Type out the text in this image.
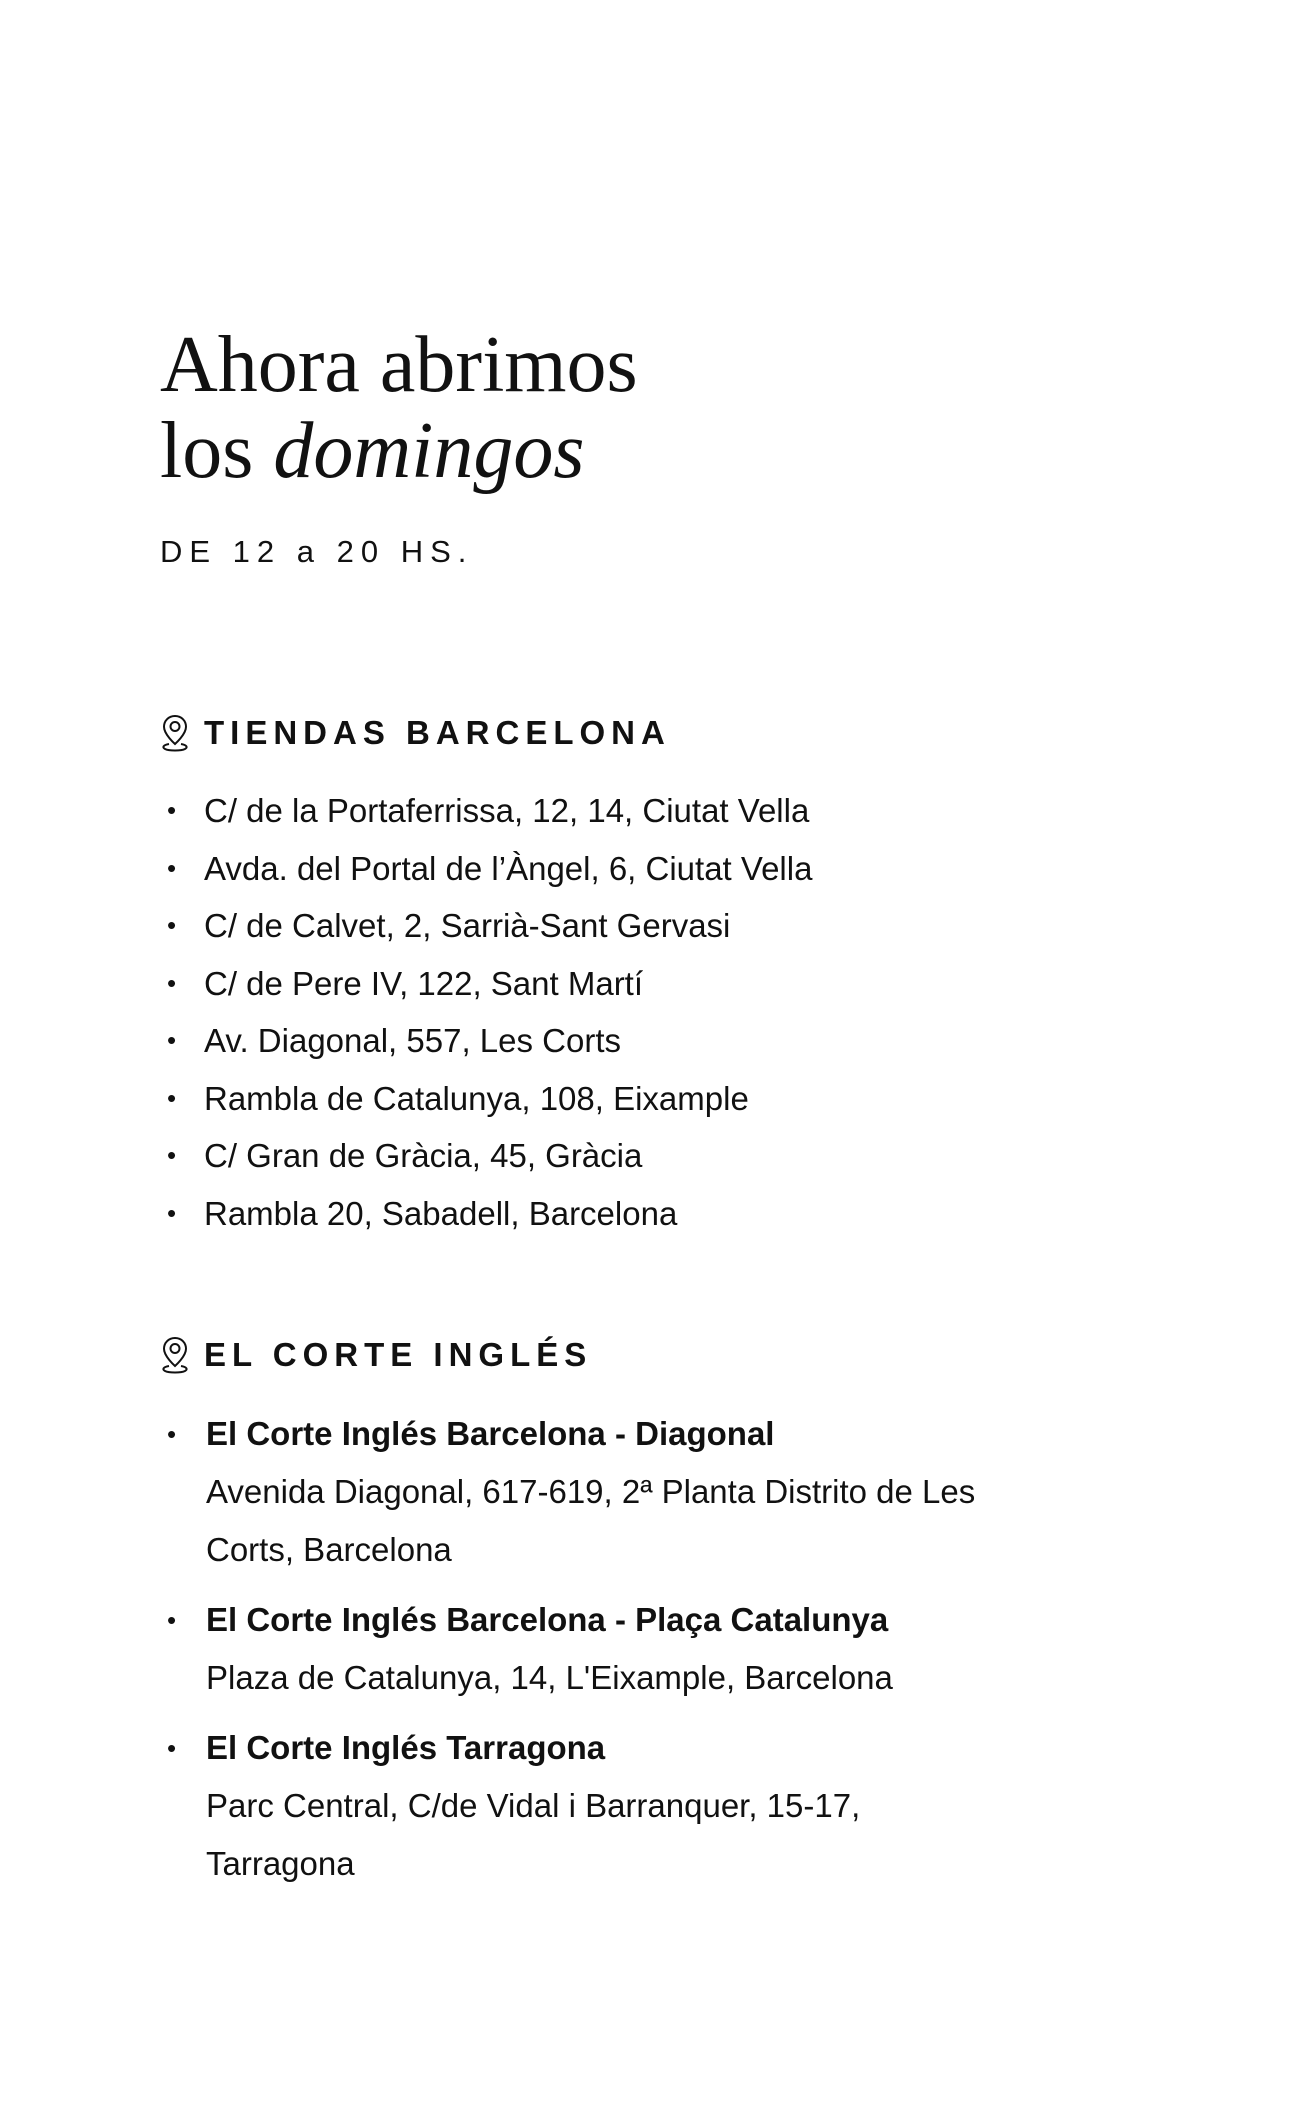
Ahora abrimos
los domingos
DE 12 a 20 HS.
TIENDAS BARCELONA
• C/ de la Portaferrissa, 12, 14, Ciutat Vella
• Avda. del Portal de l’Àngel, 6, Ciutat Vella
• C/ de Calvet, 2, Sarrià-Sant Gervasi
• C/ de Pere IV, 122, Sant Martí
• Av. Diagonal, 557, Les Corts
• Rambla de Catalunya, 108, Eixample
• C/ Gran de Gràcia, 45, Gràcia
• Rambla 20, Sabadell, Barcelona
EL CORTE INGLÉS
• El Corte Inglés Barcelona - Diagonal
Avenida Diagonal, 617-619, 2ª Planta Distrito de Les Corts, Barcelona
• El Corte Inglés Barcelona - Plaça Catalunya
Plaza de Catalunya, 14, L'Eixample, Barcelona
• El Corte Inglés Tarragona
Parc Central, C/de Vidal i Barranquer, 15-17, Tarragona
